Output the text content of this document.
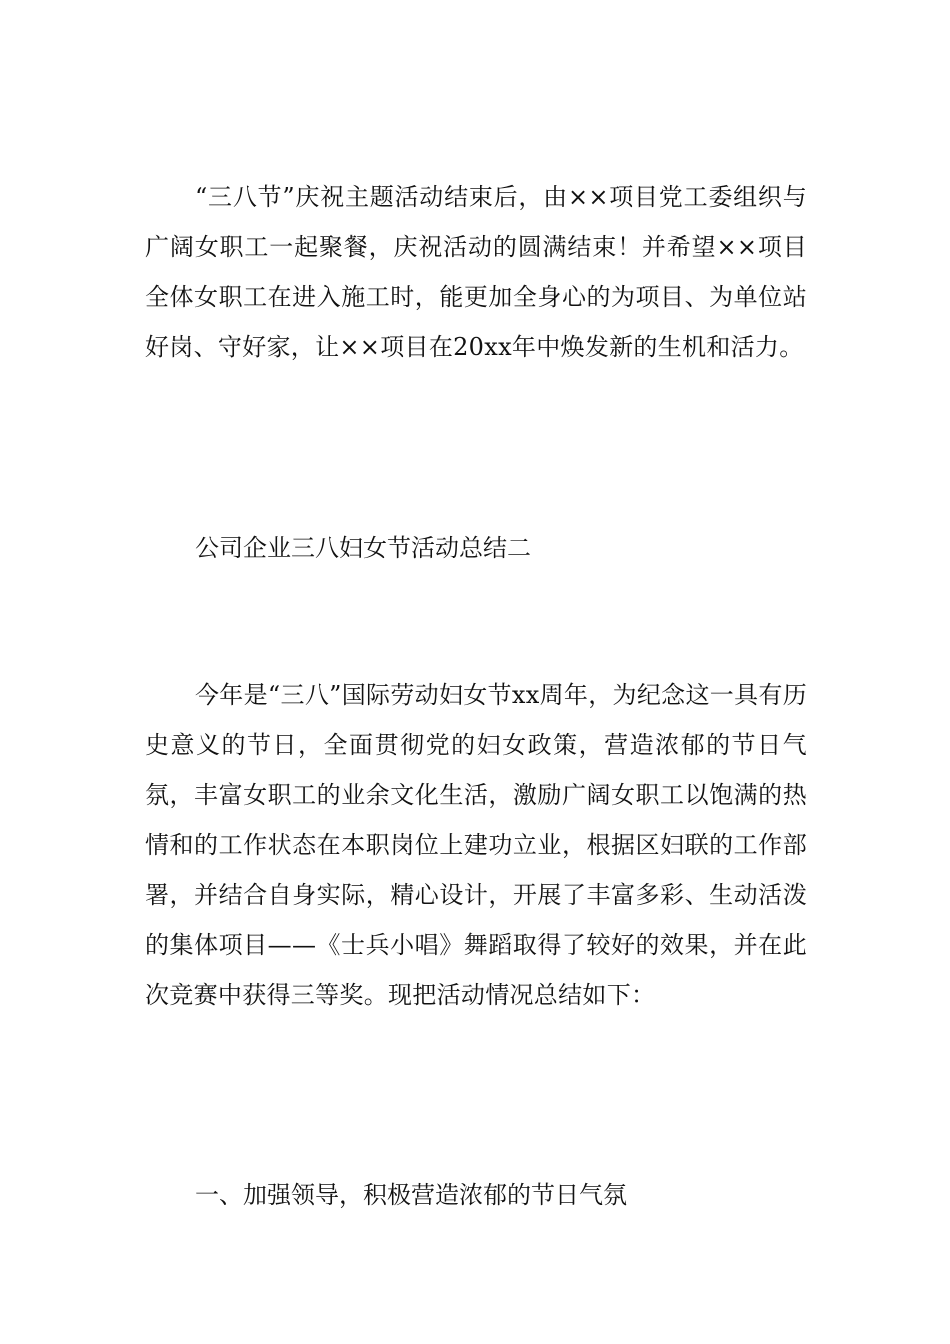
“三八节”庆祝主题活动结束后，由××项目党工委组织与广阔女职工一起聚餐，庆祝活动的圆满结束！并希望××项目全体女职工在进入施工时，能更加全身心的为项目、为单位站好岗、守好家，让××项目在20xx年中焕发新的生机和活力。

公司企业三八妇女节活动总结二

今年是“三八”国际劳动妇女节xx周年，为纪念这一具有历史意义的节日，全面贯彻党的妇女政策，营造浓郁的节日气氛，丰富女职工的业余文化生活，激励广阔女职工以饱满的热情和的工作状态在本职岗位上建功立业，根据区妇联的工作部署，并结合自身实际，精心设计，开展了丰富多彩、生动活泼的集体项目——《士兵小唱》舞蹈取得了较好的效果，并在此次竞赛中获得三等奖。现把活动情况总结如下：

一、加强领导，积极营造浓郁的节日气氛
